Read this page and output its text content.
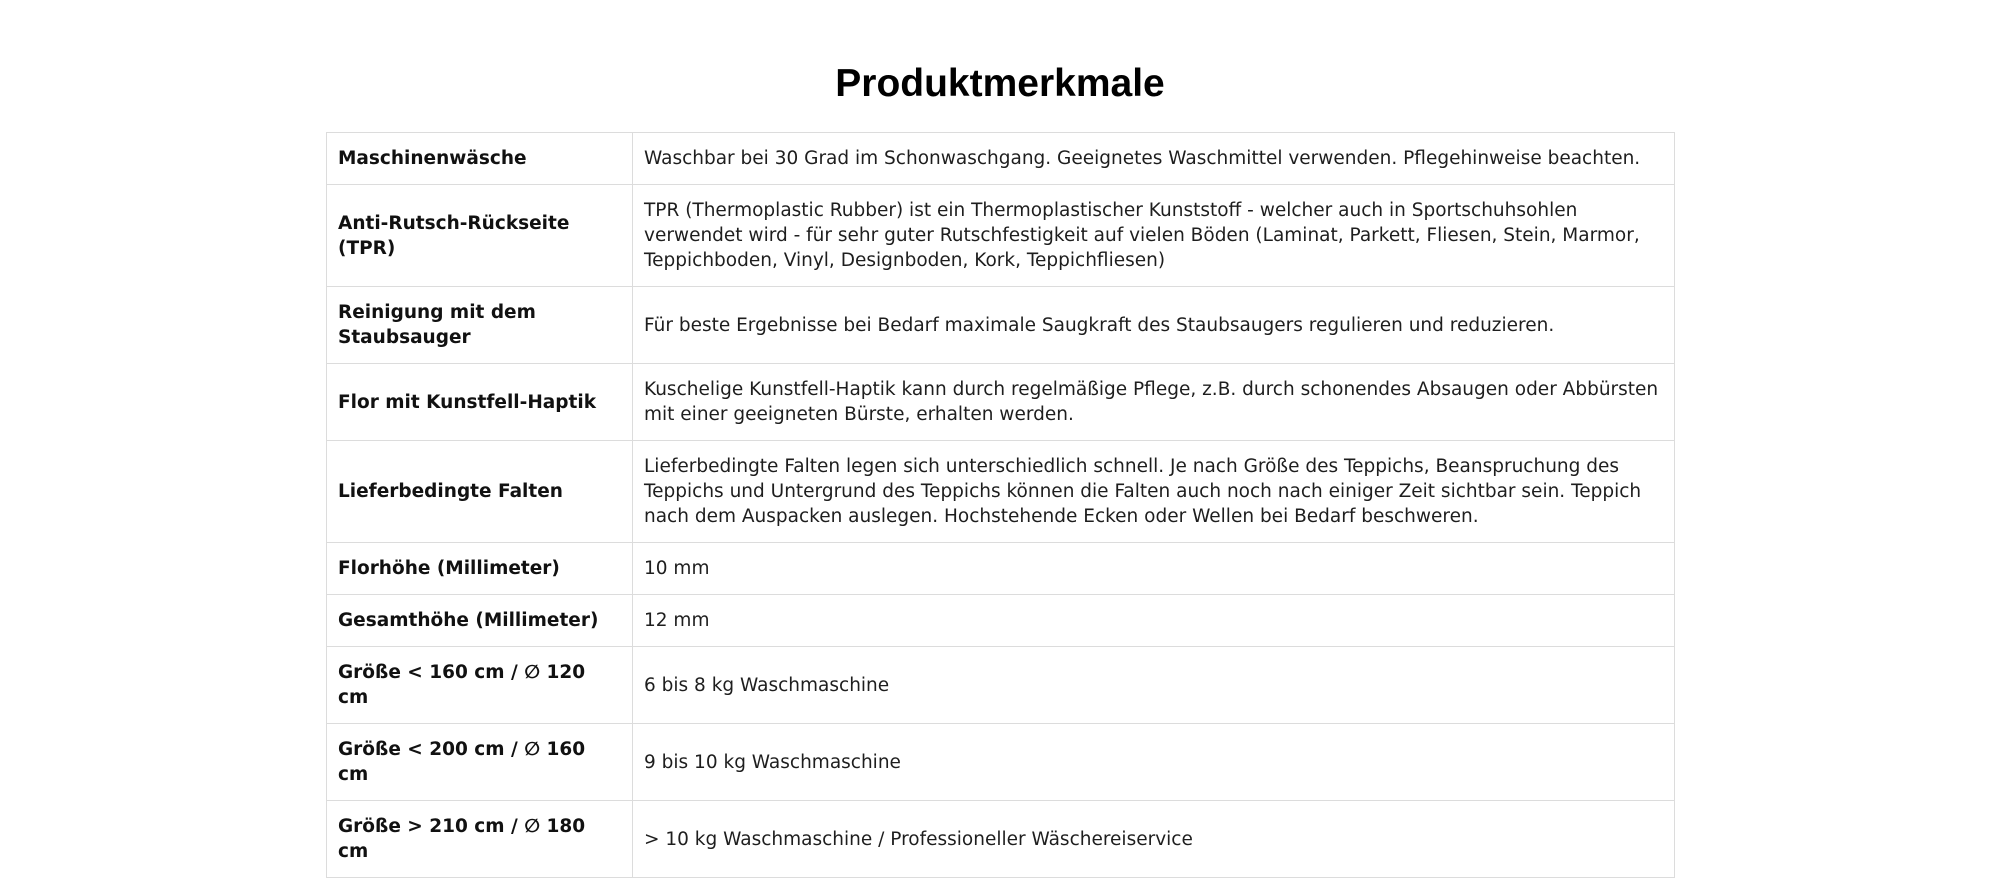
Produktmerkmale
Maschinenwäsche	Waschbar bei 30 Grad im Schonwaschgang. Geeignetes Waschmittel verwenden. Pflegehinweise beachten.
Anti-Rutsch-Rückseite (TPR)	TPR (Thermoplastic Rubber) ist ein Thermoplastischer Kunststoff - welcher auch in Sportschuhsohlen verwendet wird - für sehr guter Rutschfestigkeit auf vielen Böden (Laminat, Parkett, Fliesen, Stein, Marmor, Teppichboden, Vinyl, Designboden, Kork, Teppichfliesen)
Reinigung mit dem Staubsauger	Für beste Ergebnisse bei Bedarf maximale Saugkraft des Staubsaugers regulieren und reduzieren.
Flor mit Kunstfell-Haptik	Kuschelige Kunstfell-Haptik kann durch regelmäßige Pflege, z.B. durch schonendes Absaugen oder Abbürsten mit einer geeigneten Bürste, erhalten werden.
Lieferbedingte Falten	Lieferbedingte Falten legen sich unterschiedlich schnell. Je nach Größe des Teppichs, Beanspruchung des Teppichs und Untergrund des Teppichs können die Falten auch noch nach einiger Zeit sichtbar sein. Teppich nach dem Auspacken auslegen. Hochstehende Ecken oder Wellen bei Bedarf beschweren.
Florhöhe (Millimeter)	10 mm
Gesamthöhe (Millimeter)	12 mm
Größe < 160 cm / ∅ 120 cm	6 bis 8 kg Waschmaschine
Größe < 200 cm / ∅ 160 cm	9 bis 10 kg Waschmaschine
Größe > 210 cm / ∅ 180 cm	> 10 kg Waschmaschine / Professioneller Wäschereiservice
